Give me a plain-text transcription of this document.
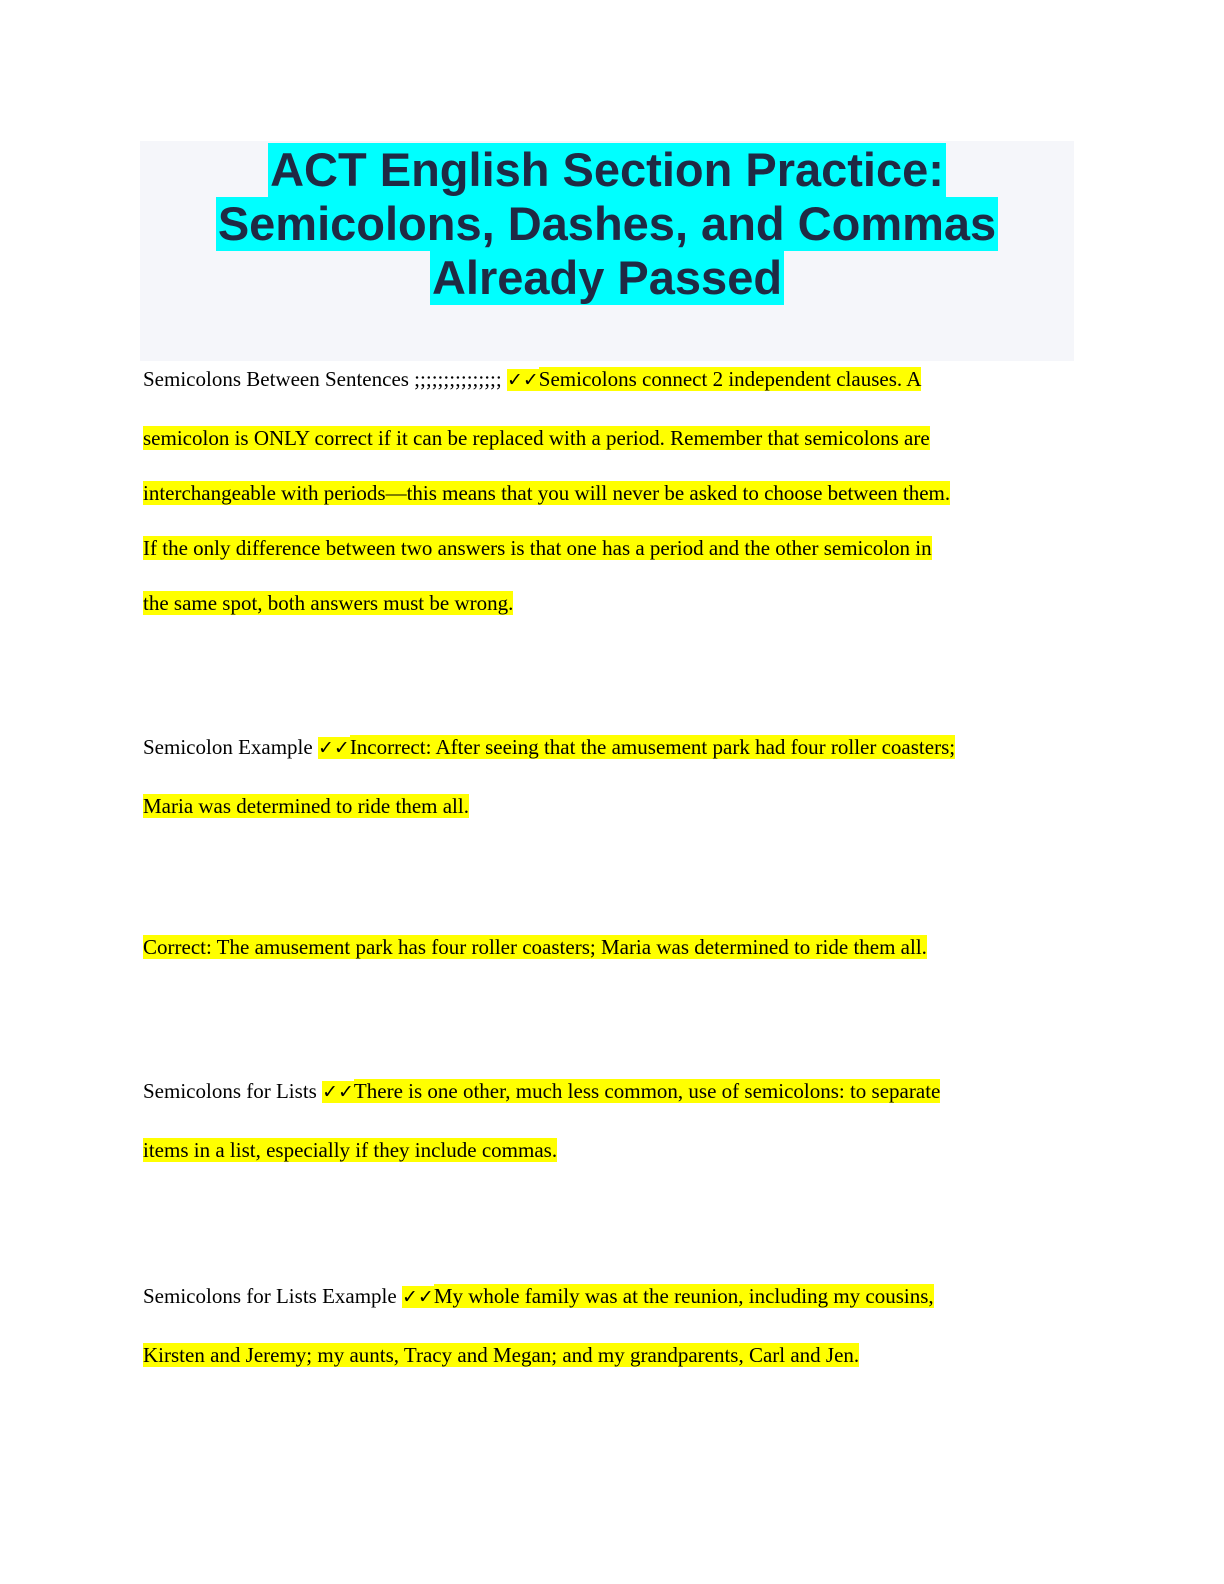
ACT English Section Practice:
Semicolons, Dashes, and Commas
Already Passed
Semicolons Between Sentences ;;;;;;;;;;;;;;; ✓✓Semicolons connect 2 independent clauses. A
semicolon is ONLY correct if it can be replaced with a period. Remember that semicolons are
interchangeable with periods—this means that you will never be asked to choose between them.
If the only difference between two answers is that one has a period and the other semicolon in
the same spot, both answers must be wrong.
Semicolon Example ✓✓Incorrect: After seeing that the amusement park had four roller coasters;
Maria was determined to ride them all.
Correct: The amusement park has four roller coasters; Maria was determined to ride them all.
Semicolons for Lists ✓✓There is one other, much less common, use of semicolons: to separate
items in a list, especially if they include commas.
Semicolons for Lists Example ✓✓My whole family was at the reunion, including my cousins,
Kirsten and Jeremy; my aunts, Tracy and Megan; and my grandparents, Carl and Jen.
